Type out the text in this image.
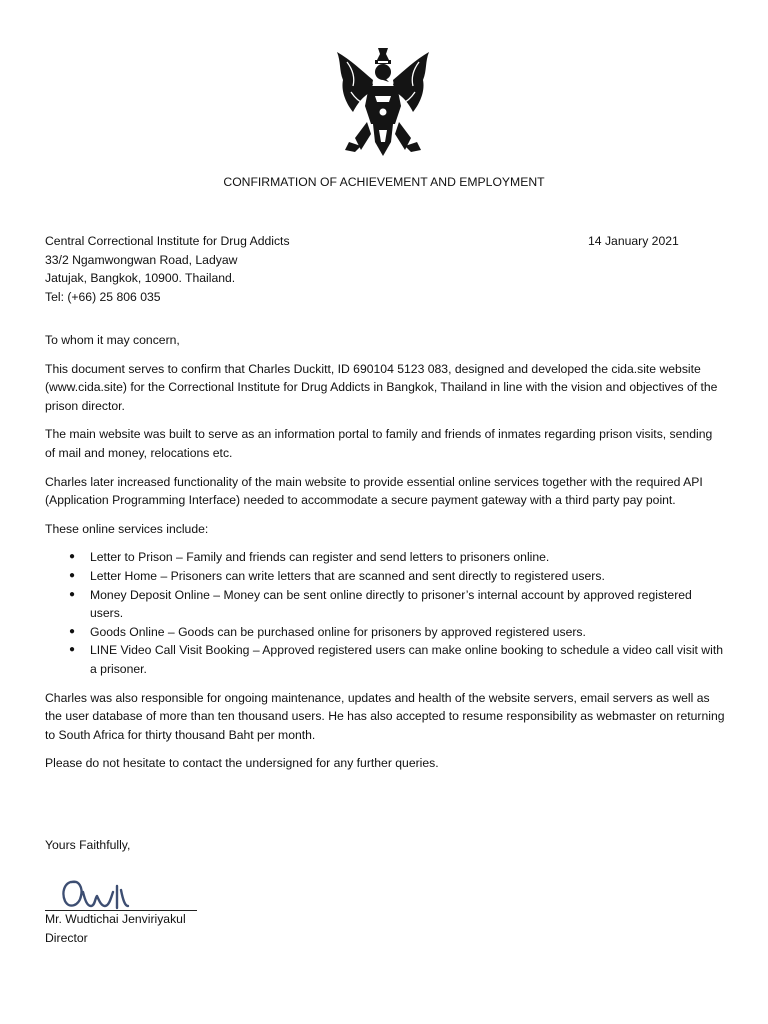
CONFIRMATION OF ACHIEVEMENT AND EMPLOYMENT
Central Correctional Institute for Drug Addicts
33/2 Ngamwongwan Road, Ladyaw
Jatujak, Bangkok, 10900. Thailand.
Tel: (+66) 25 806 035
14 January 2021

To whom it may concern,

This document serves to confirm that Charles Duckitt, ID 690104 5123 083, designed and developed the cida.site website (www.cida.site) for the Correctional Institute for Drug Addicts in Bangkok, Thailand in line with the vision and objectives of the prison director.

The main website was built to serve as an information portal to family and friends of inmates regarding prison visits, sending of mail and money, relocations etc.

Charles later increased functionality of the main website to provide essential online services together with the required API (Application Programming Interface) needed to accommodate a secure payment gateway with a third party pay point.

These online services include:

● Letter to Prison – Family and friends can register and send letters to prisoners online.
● Letter Home – Prisoners can write letters that are scanned and sent directly to registered users.
● Money Deposit Online – Money can be sent online directly to prisoner’s internal account by approved registered users.
● Goods Online – Goods can be purchased online for prisoners by approved registered users.
● LINE Video Call Visit Booking – Approved registered users can make online booking to schedule a video call visit with a prisoner.

Charles was also responsible for ongoing maintenance, updates and health of the website servers, email servers as well as the user database of more than ten thousand users. He has also accepted to resume responsibility as webmaster on returning to South Africa for thirty thousand Baht per month.

Please do not hesitate to contact the undersigned for any further queries.

Yours Faithfully,
Mr. Wudtichai Jenviriyakul
Director
